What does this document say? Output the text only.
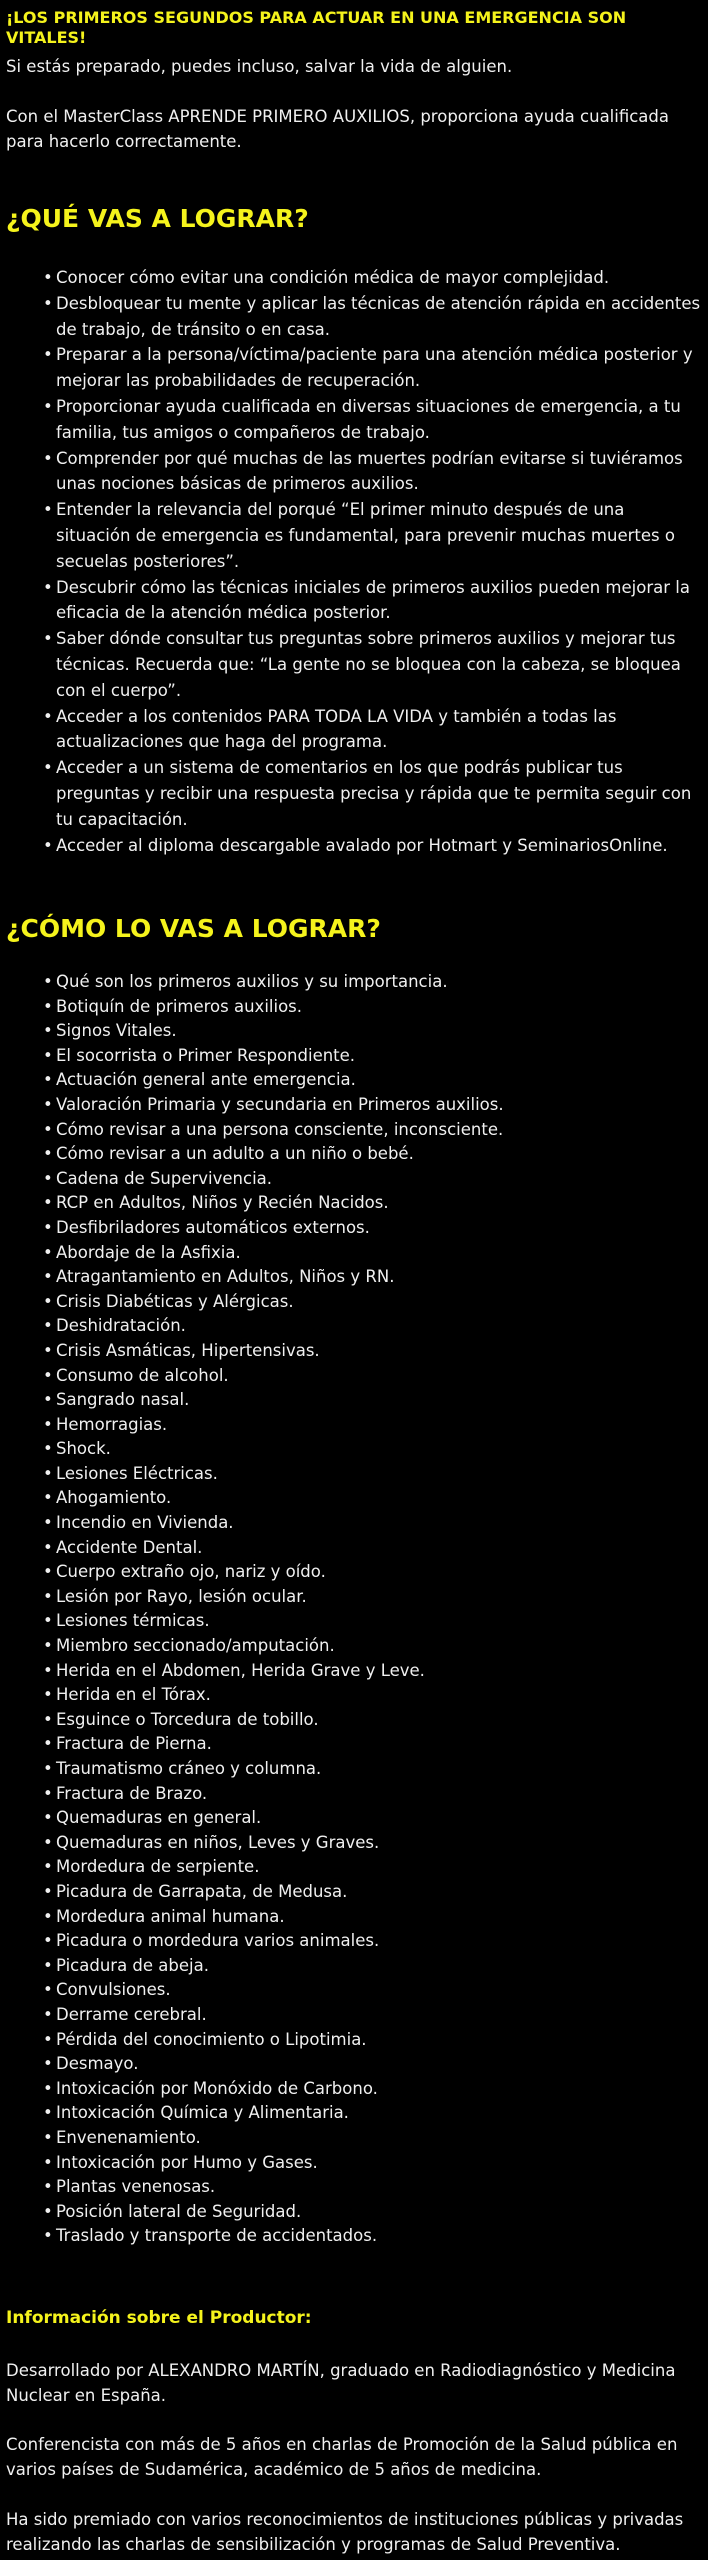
¡LOS PRIMEROS SEGUNDOS PARA ACTUAR EN UNA EMERGENCIA SON VITALES!

Si estás preparado, puedes incluso, salvar la vida de alguien.

Con el MasterClass APRENDE PRIMERO AUXILIOS, proporciona ayuda cualificada para hacerlo correctamente.

¿QUÉ VAS A LOGRAR?
• Conocer cómo evitar una condición médica de mayor complejidad.
• Desbloquear tu mente y aplicar las técnicas de atención rápida en accidentes de trabajo, de tránsito o en casa.
• Preparar a la persona/víctima/paciente para una atención médica posterior y mejorar las probabilidades de recuperación.
• Proporcionar ayuda cualificada en diversas situaciones de emergencia, a tu familia, tus amigos o compañeros de trabajo.
• Comprender por qué muchas de las muertes podrían evitarse si tuviéramos unas nociones básicas de primeros auxilios.
• Entender la relevancia del porqué “El primer minuto después de una situación de emergencia es fundamental, para prevenir muchas muertes o secuelas posteriores”.
• Descubrir cómo las técnicas iniciales de primeros auxilios pueden mejorar la eficacia de la atención médica posterior.
• Saber dónde consultar tus preguntas sobre primeros auxilios y mejorar tus técnicas. Recuerda que: “La gente no se bloquea con la cabeza, se bloquea con el cuerpo”.
• Acceder a los contenidos PARA TODA LA VIDA y también a todas las actualizaciones que haga del programa.
• Acceder a un sistema de comentarios en los que podrás publicar tus preguntas y recibir una respuesta precisa y rápida que te permita seguir con tu capacitación.
• Acceder al diploma descargable avalado por Hotmart y SeminariosOnline.
¿CÓMO LO VAS A LOGRAR?
• Qué son los primeros auxilios y su importancia.
• Botiquín de primeros auxilios.
• Signos Vitales.
• El socorrista o Primer Respondiente.
• Actuación general ante emergencia.
• Valoración Primaria y secundaria en Primeros auxilios.
• Cómo revisar a una persona consciente, inconsciente.
• Cómo revisar a un adulto a un niño o bebé.
• Cadena de Supervivencia.
• RCP en Adultos, Niños y Recién Nacidos.
• Desfibriladores automáticos externos.
• Abordaje de la Asfixia.
• Atragantamiento en Adultos, Niños y RN.
• Crisis Diabéticas y Alérgicas.
• Deshidratación.
• Crisis Asmáticas, Hipertensivas.
• Consumo de alcohol.
• Sangrado nasal.
• Hemorragias.
• Shock.
• Lesiones Eléctricas.
• Ahogamiento.
• Incendio en Vivienda.
• Accidente Dental.
• Cuerpo extraño ojo, nariz y oído.
• Lesión por Rayo, lesión ocular.
• Lesiones térmicas.
• Miembro seccionado/amputación.
• Herida en el Abdomen, Herida Grave y Leve.
• Herida en el Tórax.
• Esguince o Torcedura de tobillo.
• Fractura de Pierna.
• Traumatismo cráneo y columna.
• Fractura de Brazo.
• Quemaduras en general.
• Quemaduras en niños, Leves y Graves.
• Mordedura de serpiente.
• Picadura de Garrapata, de Medusa.
• Mordedura animal humana.
• Picadura o mordedura varios animales.
• Picadura de abeja.
• Convulsiones.
• Derrame cerebral.
• Pérdida del conocimiento o Lipotimia.
• Desmayo.
• Intoxicación por Monóxido de Carbono.
• Intoxicación Química y Alimentaria.
• Envenenamiento.
• Intoxicación por Humo y Gases.
• Plantas venenosas.
• Posición lateral de Seguridad.
• Traslado y transporte de accidentados.
Información sobre el Productor:

Desarrollado por ALEXANDRO MARTÍN, graduado en Radiodiagnóstico y Medicina Nuclear en España.

Conferencista con más de 5 años en charlas de Promoción de la Salud pública en varios países de Sudamérica, académico de 5 años de medicina.

Ha sido premiado con varios reconocimientos de instituciones públicas y privadas realizando las charlas de sensibilización y programas de Salud Preventiva.
